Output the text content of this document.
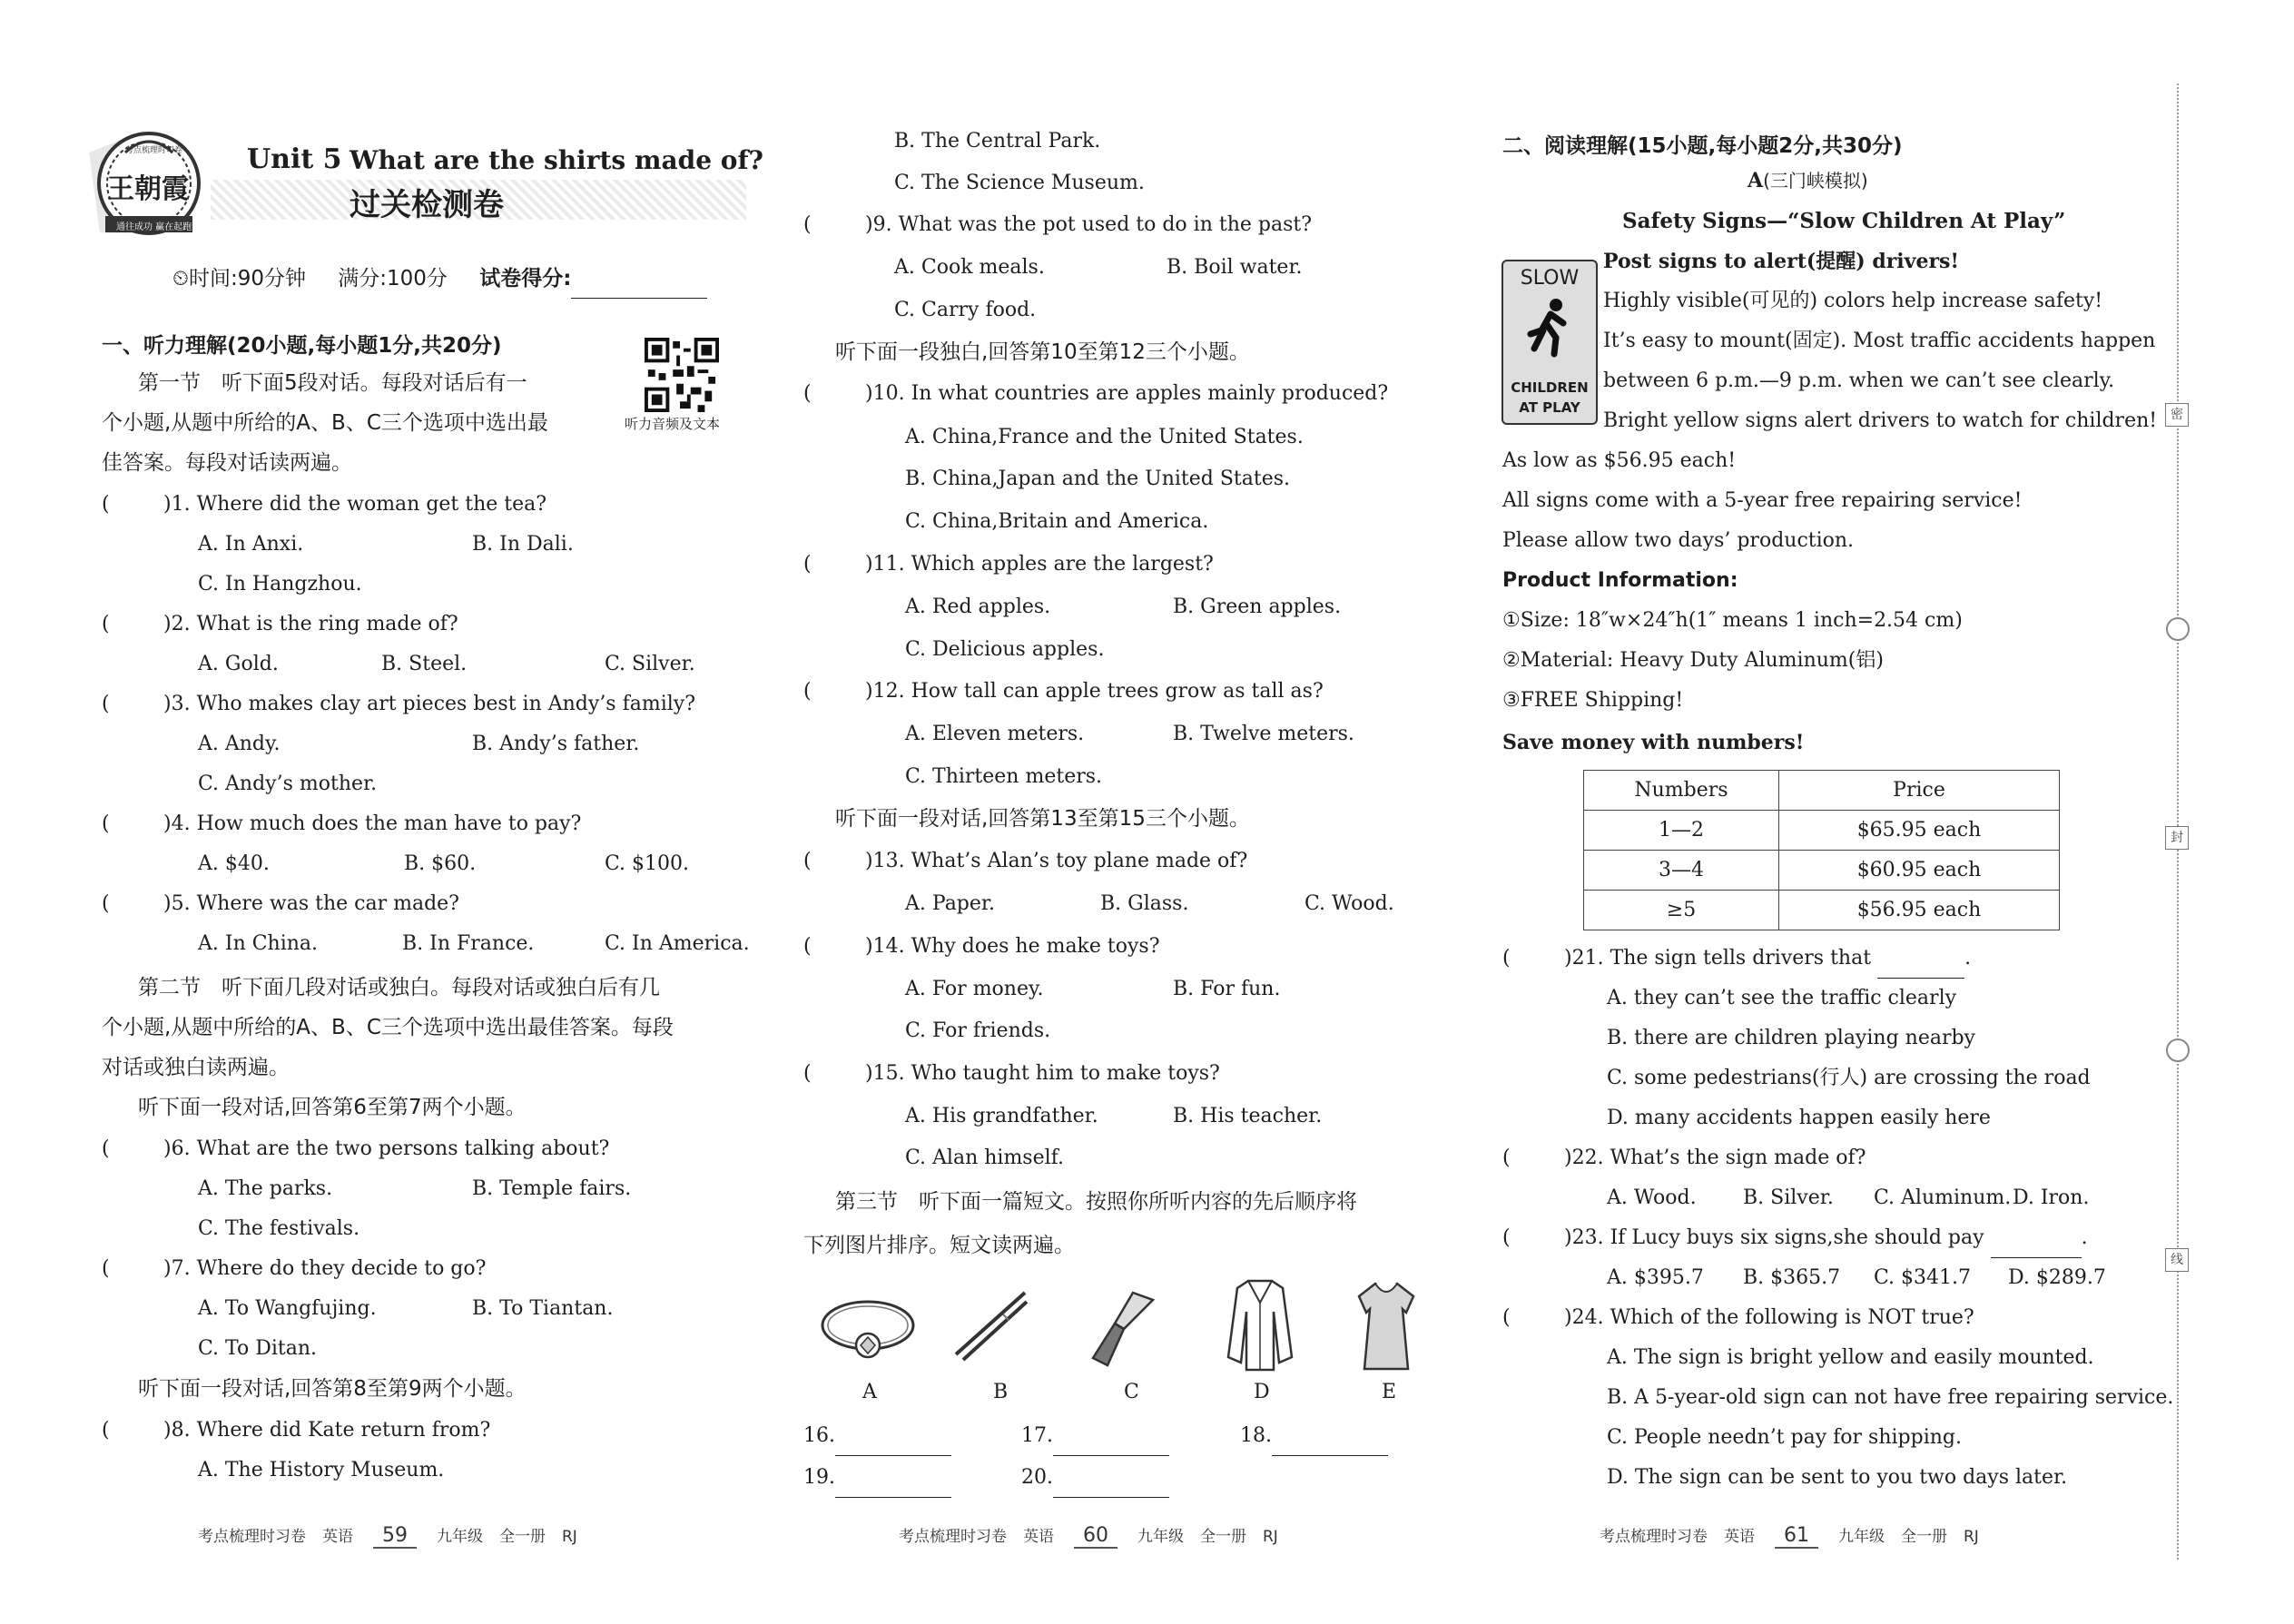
王朝霞
考点梳理时习卷
通往成功 赢在起跑
Unit 5 What are the shirts made of?
过关检测卷
⏲时间:90分钟 满分:100分 试卷得分:
听力音频及文本
一、听力理解(20小题,每小题1分,共20分)
第一节　听下面5段对话。每段对话后有一
个小题,从题中所给的A、B、C三个选项中选出最
佳答案。每段对话读两遍。
(	)1. Where did the woman get the tea?
A. In Anxi.	B. In Dali.
C. In Hangzhou.
(	)2. What is the ring made of?
A. Gold.	B. Steel.	C. Silver.
(	)3. Who makes clay art pieces best in Andy’s family?
A. Andy.	B. Andy’s father.
C. Andy’s mother.
(	)4. How much does the man have to pay?
A. $40.	B. $60.	C. $100.
(	)5. Where was the car made?
A. In China.	B. In France.	C. In America.
第二节　听下面几段对话或独白。每段对话或独白后有几
个小题,从题中所给的A、B、C三个选项中选出最佳答案。每段
对话或独白读两遍。
听下面一段对话,回答第6至第7两个小题。
(	)6. What are the two persons talking about?
A. The parks.	B. Temple fairs.
C. The festivals.
(	)7. Where do they decide to go?
A. To Wangfujing.	B. To Tiantan.
C. To Ditan.
听下面一段对话,回答第8至第9两个小题。
(	)8. Where did Kate return from?
A. The History Museum.
考点梳理时习卷 英语 59 九年级 全一册 RJ
B. The Central Park.
C. The Science Museum.
(	)9. What was the pot used to do in the past?
A. Cook meals.	B. Boil water.
C. Carry food.
听下面一段独白,回答第10至第12三个小题。
(	)10. In what countries are apples mainly produced?
A. China,France and the United States.
B. China,Japan and the United States.
C. China,Britain and America.
(	)11. Which apples are the largest?
A. Red apples.	B. Green apples.
C. Delicious apples.
(	)12. How tall can apple trees grow as tall as?
A. Eleven meters.	B. Twelve meters.
C. Thirteen meters.
听下面一段对话,回答第13至第15三个小题。
(	)13. What’s Alan’s toy plane made of?
A. Paper.	B. Glass.	C. Wood.
(	)14. Why does he make toys?
A. For money.	B. For fun.
C. For friends.
(	)15. Who taught him to make toys?
A. His grandfather.	B. His teacher.
C. Alan himself.
第三节　听下面一篇短文。按照你所听内容的先后顺序将
下列图片排序。短文读两遍。
A	B	C	D	E
16.	17.	18.
19.	20.
考点梳理时习卷 英语 60 九年级 全一册 RJ
二、阅读理解(15小题,每小题2分,共30分)
A(三门峡模拟)
Safety Signs—“Slow Children At Play”
SLOW
CHILDREN
AT PLAY
Post signs to alert(提醒) drivers!
Highly visible(可见的) colors help increase safety!
It’s easy to mount(固定). Most traffic accidents happen
between 6 p.m.—9 p.m. when we can’t see clearly.
Bright yellow signs alert drivers to watch for children!
As low as $56.95 each!
All signs come with a 5-year free repairing service!
Please allow two days’ production.
Product Information:
①Size: 18″w×24″h(1″ means 1 inch=2.54 cm)
②Material: Heavy Duty Aluminum(铝)
③FREE Shipping!
Save money with numbers!
Numbers	Price
1—2	$65.95 each
3—4	$60.95 each
≥5	$56.95 each
(	)21. The sign tells drivers that	.
A. they can’t see the traffic clearly
B. there are children playing nearby
C. some pedestrians(行人) are crossing the road
D. many accidents happen easily here
(	)22. What’s the sign made of?
A. Wood. B. Silver. C. Aluminum. D. Iron.
(	)23. If Lucy buys six signs,she should pay	.
A. $395.7 B. $365.7 C. $341.7 D. $289.7
(	)24. Which of the following is NOT true?
A. The sign is bright yellow and easily mounted.
B. A 5-year-old sign can not have free repairing service.
C. People needn’t pay for shipping.
D. The sign can be sent to you two days later.
考点梳理时习卷 英语 61 九年级 全一册 RJ
密
封
线
